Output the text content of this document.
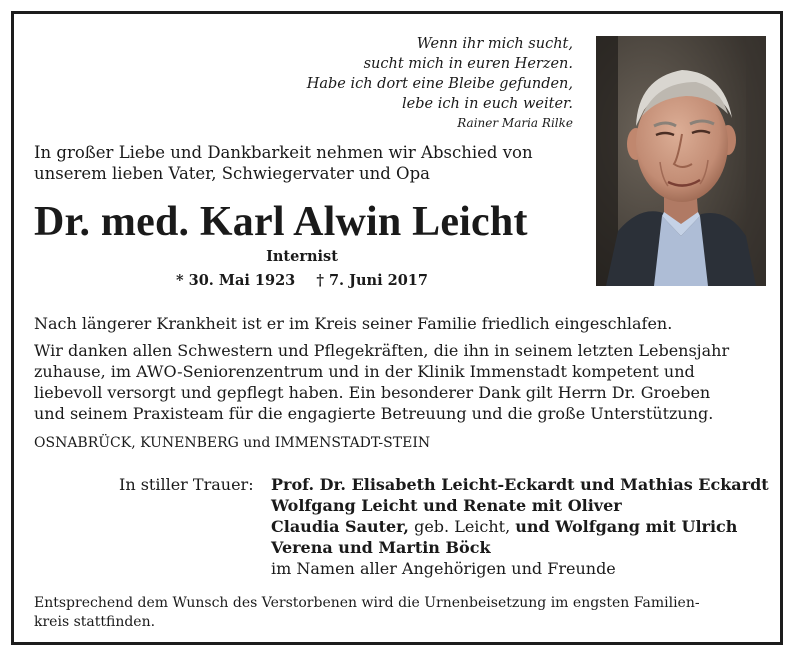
Wenn ihr mich sucht,
sucht mich in euren Herzen.
Habe ich dort eine Bleibe gefunden,
lebe ich in euch weiter.
Rainer Maria Rilke
In großer Liebe und Dankbarkeit nehmen wir Abschied von
unserem lieben Vater, Schwiegervater und Opa
Dr. med. Karl Alwin Leicht
Internist
* 30. Mai 1923 † 7. Juni 2017
Nach längerer Krankheit ist er im Kreis seiner Familie friedlich eingeschlafen.
Wir danken allen Schwestern und Pflegekräften, die ihn in seinem letzten Lebensjahr
zuhause, im AWO-Seniorenzentrum und in der Klinik Immenstadt kompetent und
liebevoll versorgt und gepflegt haben. Ein besonderer Dank gilt Herrn Dr. Groeben
und seinem Praxisteam für die engagierte Betreuung und die große Unterstützung.
OSNABRÜCK, KUNENBERG und IMMENSTADT-STEIN
In stiller Trauer: Prof. Dr. Elisabeth Leicht-Eckardt und Mathias Eckardt
Wolfgang Leicht und Renate mit Oliver
Claudia Sauter, geb. Leicht, und Wolfgang mit Ulrich
Verena und Martin Böck
im Namen aller Angehörigen und Freunde
Entsprechend dem Wunsch des Verstorbenen wird die Urnenbeisetzung im engsten Familien-
kreis stattfinden.
